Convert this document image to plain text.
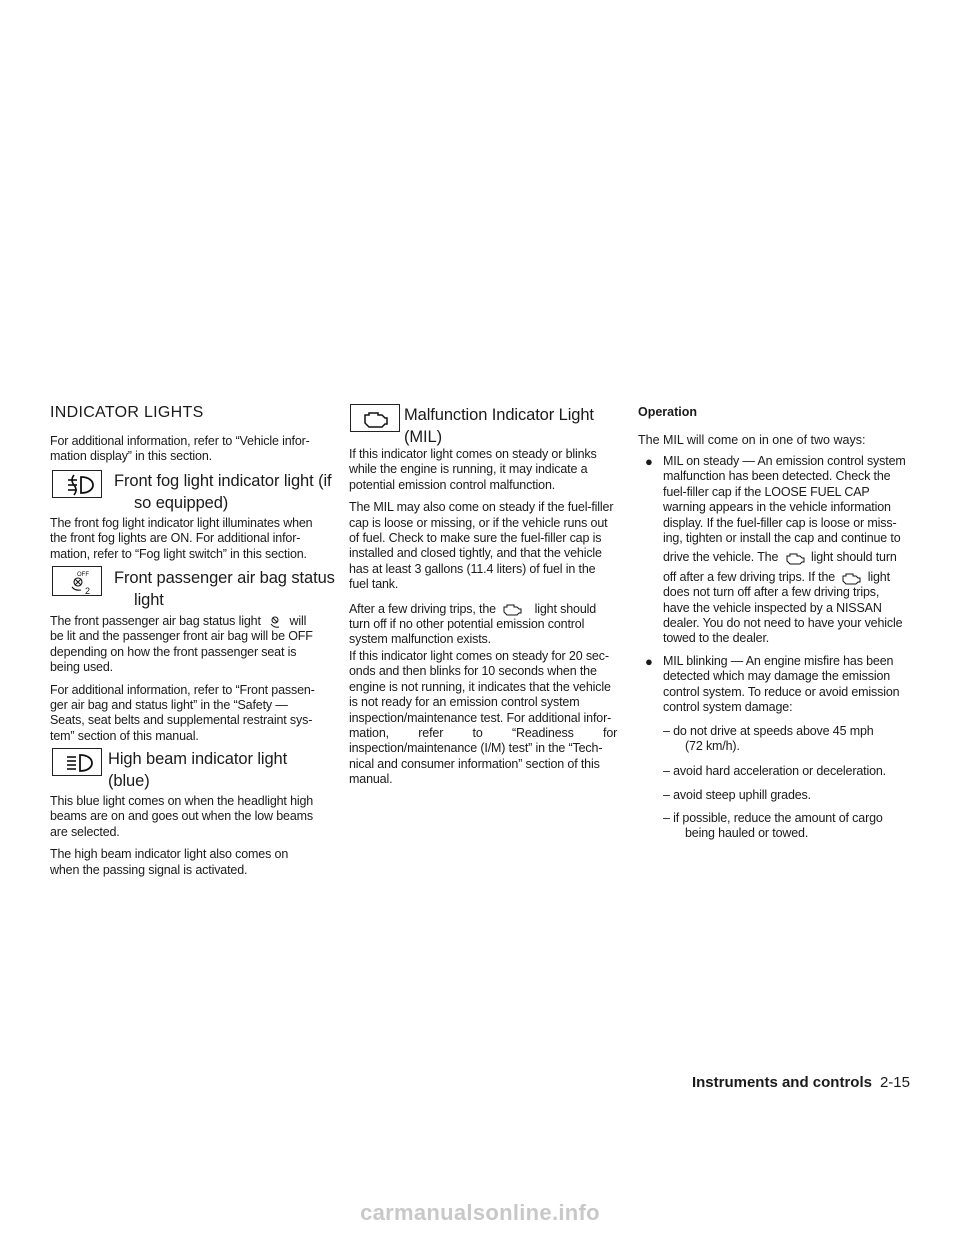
INDICATOR LIGHTS

For additional information, refer to “Vehicle infor-

mation display” in this section.

Front fog light indicator light (if
so equipped)

The front fog light indicator light illuminates when

the front fog lights are ON. For additional infor-

mation, refer to “Fog light switch” in this section.

OFF
2
Front passenger air bag status
light

The front passenger air bag status light will

be lit and the passenger front air bag will be OFF

depending on how the front passenger seat is

being used.

For additional information, refer to “Front passen-

ger air bag and status light” in the “Safety —

Seats, seat belts and supplemental restraint sys-

tem” section of this manual.

High beam indicator light
(blue)

This blue light comes on when the headlight high

beams are on and goes out when the low beams

are selected.

The high beam indicator light also comes on

when the passing signal is activated.

Malfunction Indicator Light
(MIL)

If this indicator light comes on steady or blinks

while the engine is running, it may indicate a

potential emission control malfunction.

The MIL may also come on steady if the fuel-filler

cap is loose or missing, or if the vehicle runs out

of fuel. Check to make sure the fuel-filler cap is

installed and closed tightly, and that the vehicle

has at least 3 gallons (11.4 liters) of fuel in the

fuel tank.

After a few driving trips, the	light should

turn off if no other potential emission control

system malfunction exists.

If this indicator light comes on steady for 20 sec-

onds and then blinks for 10 seconds when the

engine is not running, it indicates that the vehicle

is not ready for an emission control system

inspection/maintenance test. For additional infor-

mation, refer to “Readiness for

inspection/maintenance (I/M) test” in the “Tech-

nical and consumer information” section of this

manual.

Operation
The MIL will come on in one of two ways:
● MIL on steady — An emission control system

malfunction has been detected. Check the

fuel-filler cap if the LOOSE FUEL CAP

warning appears in the vehicle information

display. If the fuel-filler cap is loose or miss-

ing, tighten or install the cap and continue to

drive the vehicle. The	light should turn

off after a few driving trips. If the	light

does not turn off after a few driving trips,

have the vehicle inspected by a NISSAN

dealer. You do not need to have your vehicle

towed to the dealer.

● MIL blinking — An engine misfire has been

detected which may damage the emission

control system. To reduce or avoid emission

control system damage:

– do not drive at speeds above 45 mph

(72 km/h).

– avoid hard acceleration or deceleration.

– avoid steep uphill grades.

– if possible, reduce the amount of cargo

being hauled or towed.

Instruments and controls 2-15
carmanualsonline.info
